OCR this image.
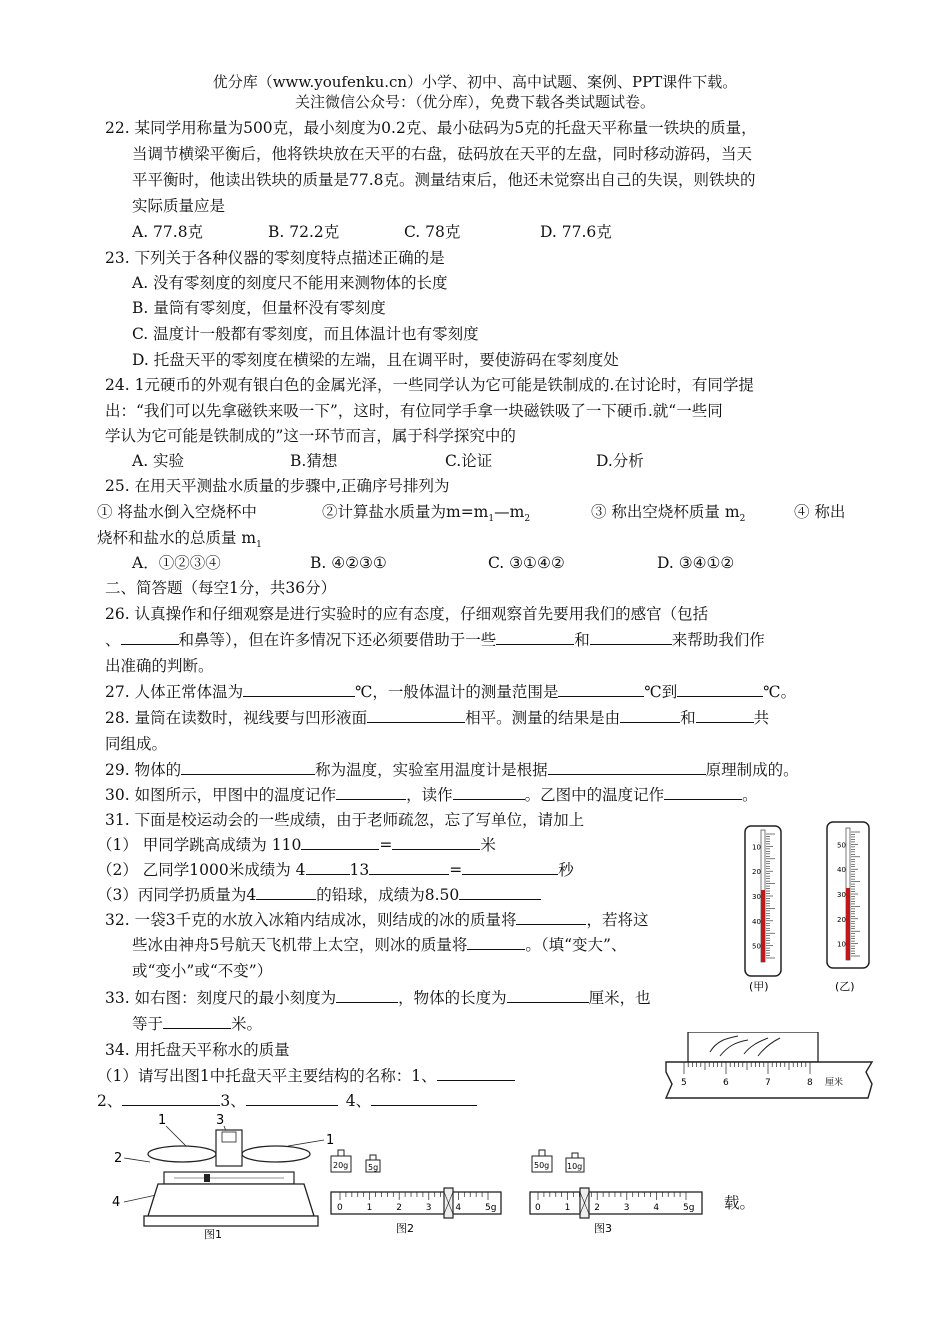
优分库（www.youfenku.cn）小学、初中、高中试题、案例、PPT课件下载。
关注微信公众号：（优分库），免费下载各类试题试卷。
22. 某同学用称量为500克，最小刻度为0.2克、最小砝码为5克的托盘天平称量一铁块的质量，
当调节横梁平衡后，他将铁块放在天平的右盘，砝码放在天平的左盘，同时移动游码，当天
平平衡时，他读出铁块的质量是77.8克。测量结束后，他还未觉察出自己的失误，则铁块的
实际质量应是
A. 77.8克	B. 72.2克	C. 78克	D. 77.6克
23. 下列关于各种仪器的零刻度特点描述正确的是
A. 没有零刻度的刻度尺不能用来测物体的长度
B. 量筒有零刻度，但量杯没有零刻度
C. 温度计一般都有零刻度，而且体温计也有零刻度
D. 托盘天平的零刻度在横梁的左端，且在调平时，要使游码在零刻度处
24. 1元硬币的外观有银白色的金属光泽，一些同学认为它可能是铁制成的.在讨论时，有同学提
出：“我们可以先拿磁铁来吸一下”，这时，有位同学手拿一块磁铁吸了一下硬币.就“一些同
学认为它可能是铁制成的”这一环节而言，属于科学探究中的
A. 实验	B.猜想	C.论证	D.分析
25. 在用天平测盐水质量的步骤中,正确序号排列为
① 将盐水倒入空烧杯中	②计算盐水质量为$m=m_1—m_2$	③ 称出空烧杯质量 $m_2$	④ 称出
烧杯和盐水的总质量 $m_1$
A．①②③④	B. ④②③①	C. ③①④②	D. ③④①②
二、简答题（每空1分，共36分）
26. 认真操作和仔细观察是进行实验时的应有态度，仔细观察首先要用我们的感官（包括
、	和鼻等），但在许多情况下还必须要借助于一些	和	来帮助我们作
出准确的判断。
27. 人体正常体温为	℃，一般体温计的测量范围是	℃到	℃。
28. 量筒在读数时，视线要与凹形液面	相平。测量的结果是由	和	共
同组成。
29. 物体的	称为温度，实验室用温度计是根据	原理制成的。
30. 如图所示，甲图中的温度记作	，读作	。乙图中的温度记作	。
31. 下面是校运动会的一些成绩，由于老师疏忽，忘了写单位，请加上
（1） 甲同学跳高成绩为 110	=	米
（2） 乙同学1000米成绩为 4	13	=	秒
（3）丙同学扔质量为4	的铅球，成绩为8.50
32. 一袋3千克的水放入冰箱内结成冰，则结成的冰的质量将	，若将这
些冰由神舟5号航天飞机带上太空，则冰的质量将	。（填“变大”、
或“变小”或“不变”）
33. 如右图：刻度尺的最小刻度为	，物体的长度为	厘米，也
等于	米。
34. 用托盘天平称水的质量
（1）请写出图1中托盘天平主要结构的名称：1、
2、	3、	4、
载。
10
20
30
40
50
50
40
30
20
10
(甲)	(乙)
5	6	7	8 厘米
1
2
3
1
4
图1
20g 5g
0	1	2	3	4	5g
图2
50g 10g
0	1	2	3	4	5g
图3
